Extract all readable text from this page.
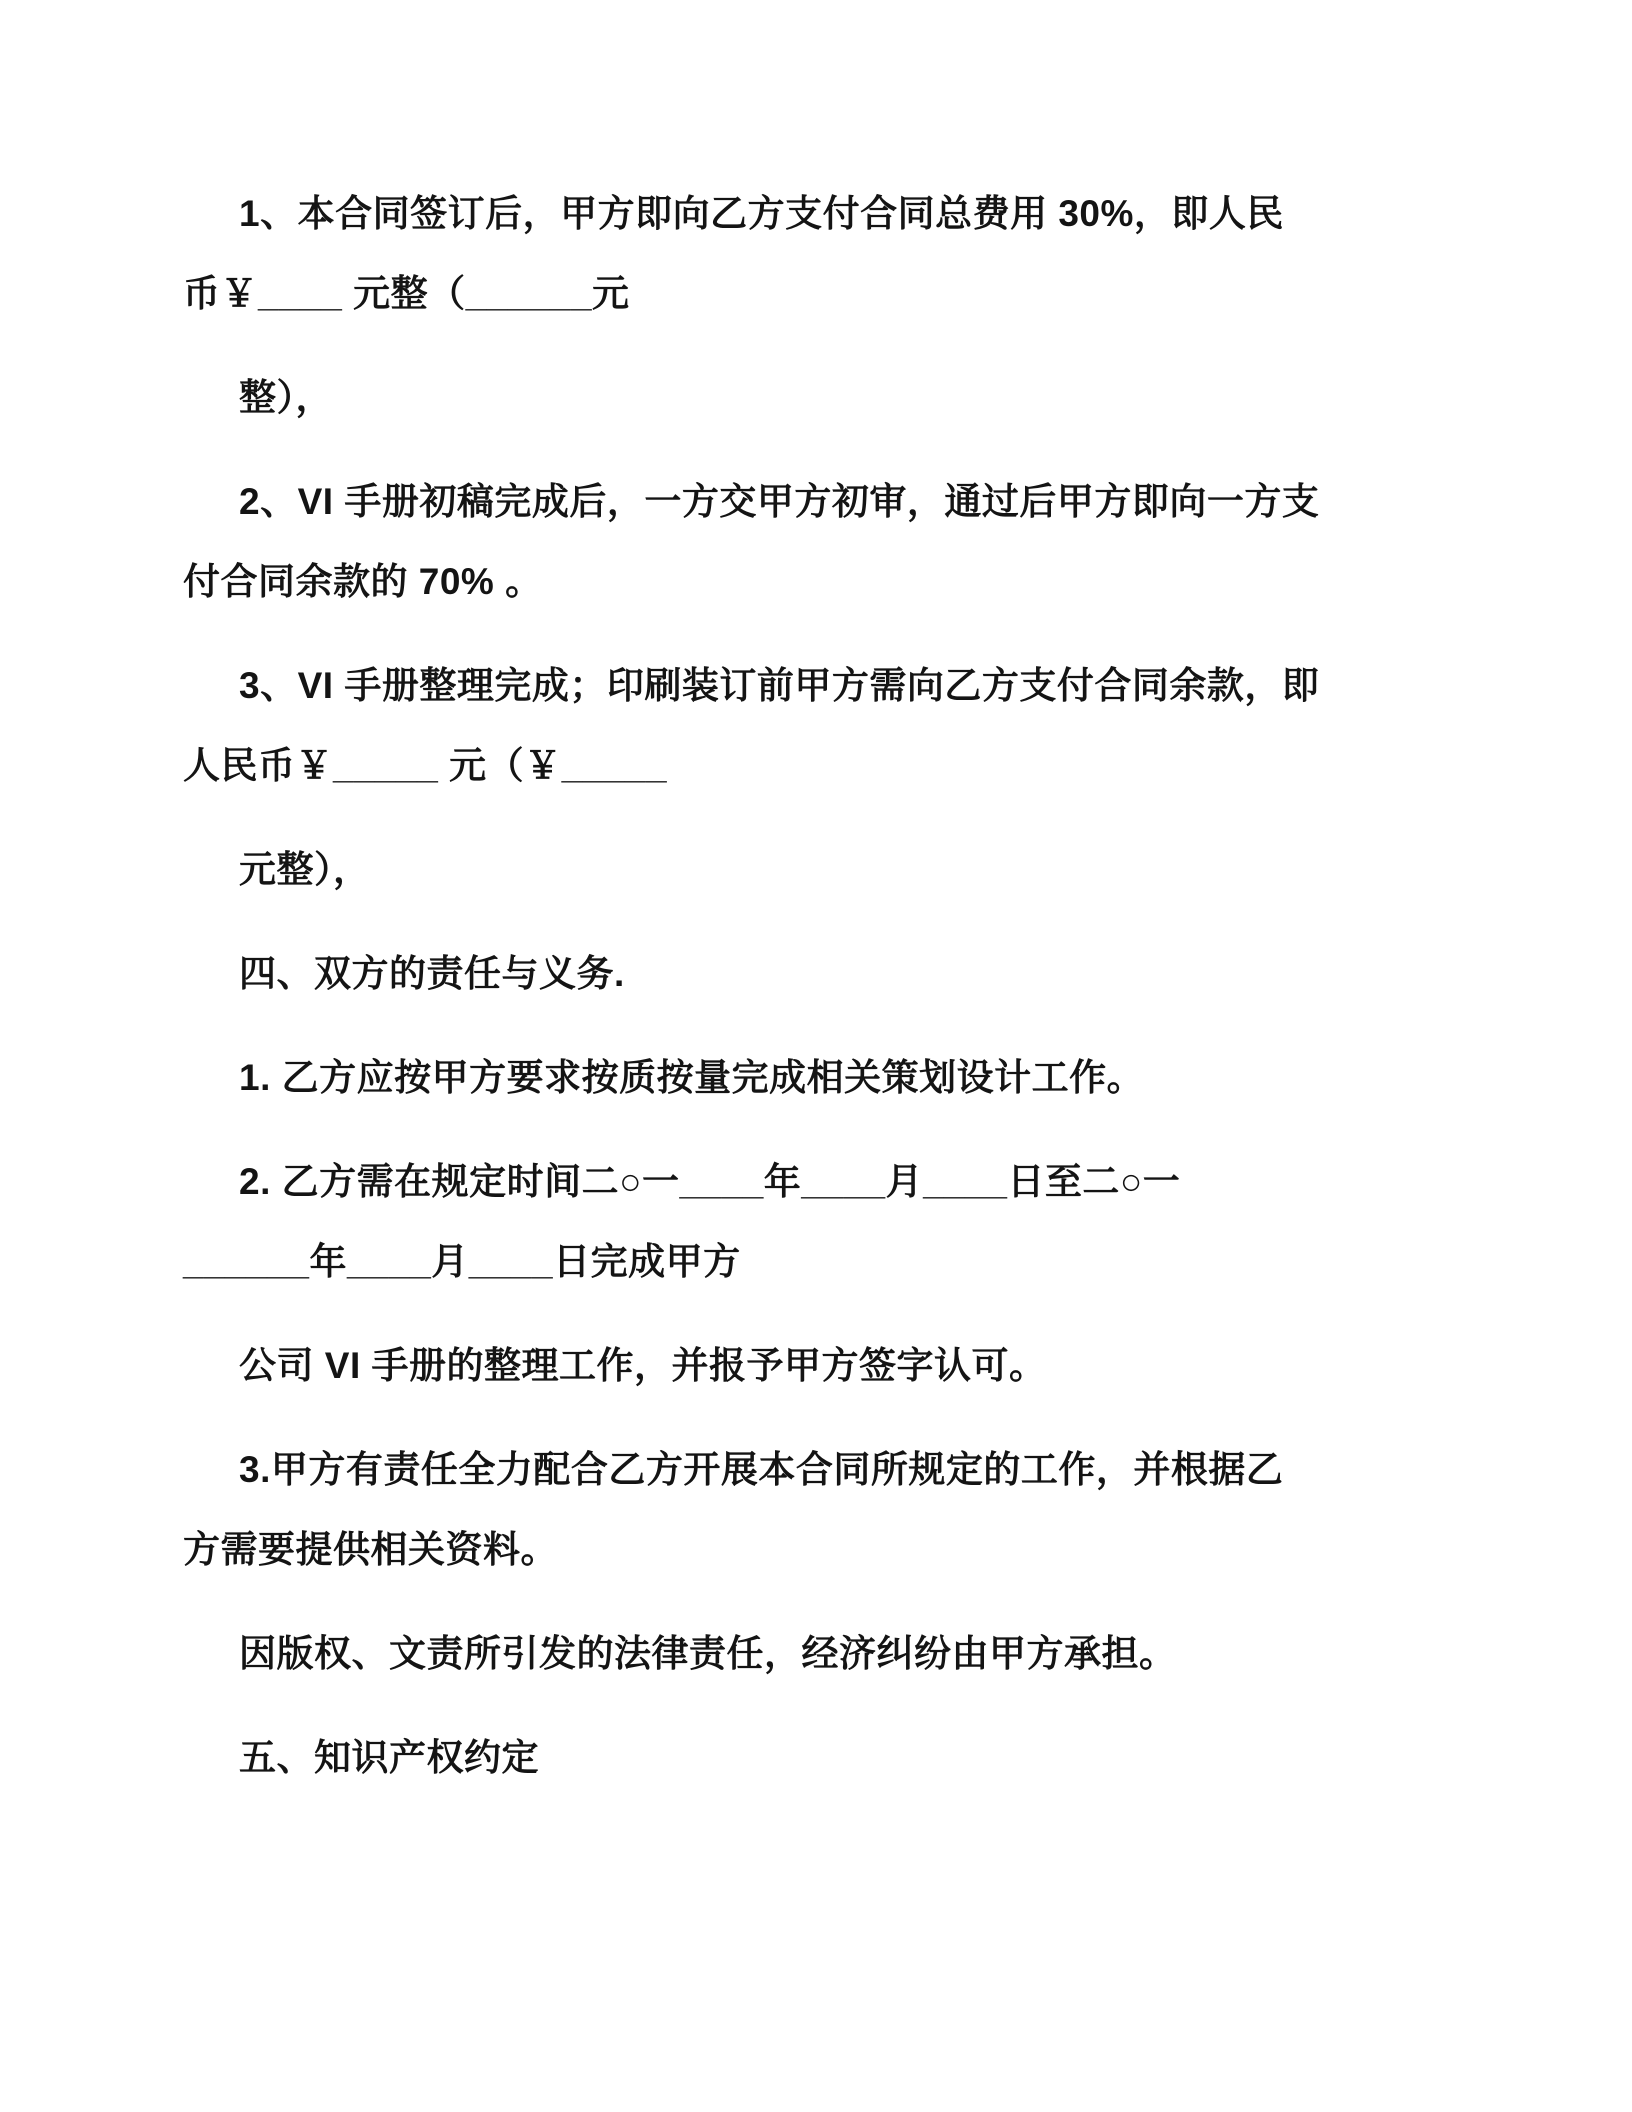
1、本合同签订后，甲方即向乙方支付合同总费用 30%，即人民
币￥____ 元整（______元
整），
2、VI 手册初稿完成后，一方交甲方初审，通过后甲方即向一方支
付合同余款的 70% 。
3、VI 手册整理完成；印刷装订前甲方需向乙方支付合同余款，即
人民币￥_____ 元（￥_____
元整），
四、双方的责任与义务.
1. 乙方应按甲方要求按质按量完成相关策划设计工作。
2. 乙方需在规定时间二○一____年____月____日至二○一
______年____月____日完成甲方
公司 VI 手册的整理工作，并报予甲方签字认可。
3.甲方有责任全力配合乙方开展本合同所规定的工作，并根据乙
方需要提供相关资料。
因版权、文责所引发的法律责任，经济纠纷由甲方承担。
五、知识产权约定
